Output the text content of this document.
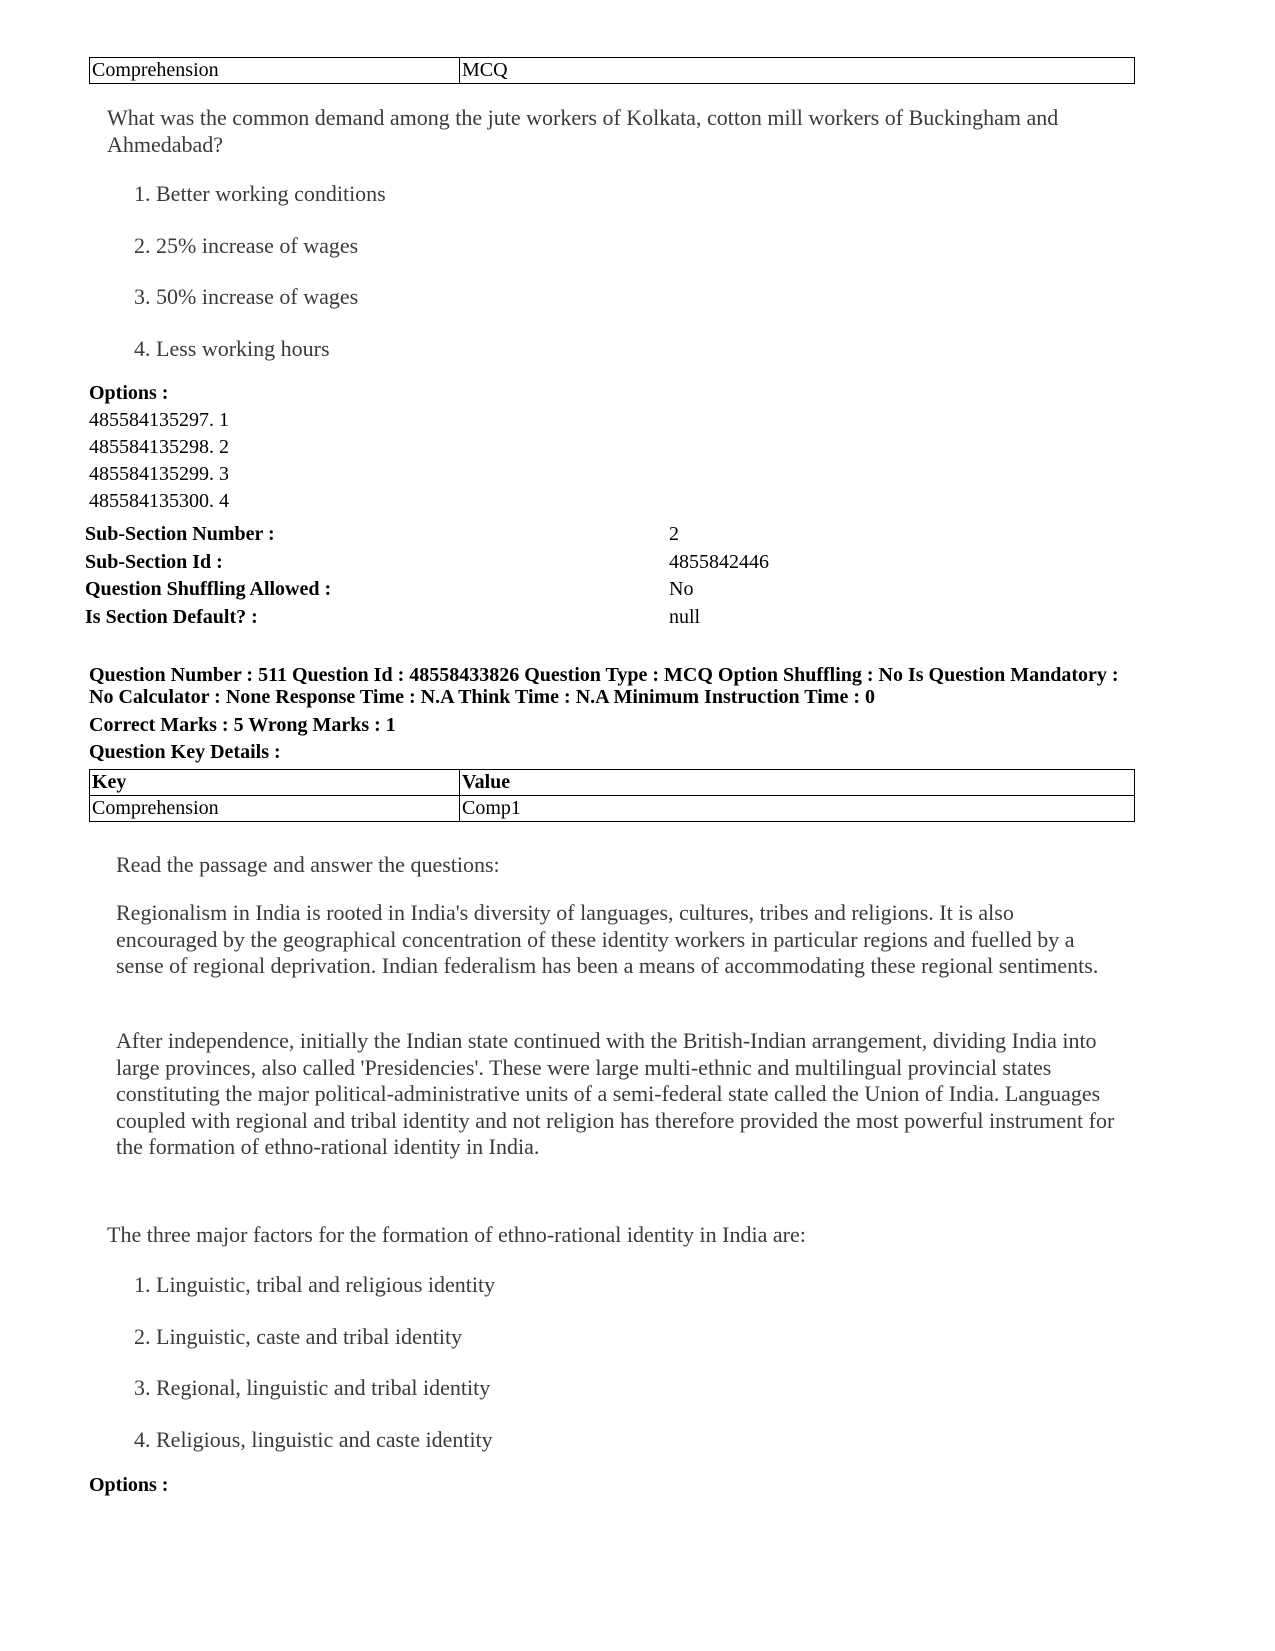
Comprehension	MCQ
What was the common demand among the jute workers of Kolkata, cotton mill workers of Buckingham and Ahmedabad?
1. Better working conditions
2. 25% increase of wages
3. 50% increase of wages
4. Less working hours
Options :
485584135297. 1
485584135298. 2
485584135299. 3
485584135300. 4
Sub-Section Number :	2
Sub-Section Id :	4855842446
Question Shuffling Allowed :	No
Is Section Default? :	null
Question Number : 511 Question Id : 48558433826 Question Type : MCQ Option Shuffling : No Is Question Mandatory :
No Calculator : None Response Time : N.A Think Time : N.A Minimum Instruction Time : 0
Correct Marks : 5 Wrong Marks : 1
Question Key Details :
Key	Value
Comprehension	Comp1
Read the passage and answer the questions:
Regionalism in India is rooted in India's diversity of languages, cultures, tribes and religions. It is also encouraged by the geographical concentration of these identity workers in particular regions and fuelled by a sense of regional deprivation. Indian federalism has been a means of accommodating these regional sentiments.
After independence, initially the Indian state continued with the British-Indian arrangement, dividing India into large provinces, also called 'Presidencies'. These were large multi-ethnic and multilingual provincial states constituting the major political-administrative units of a semi-federal state called the Union of India. Languages coupled with regional and tribal identity and not religion has therefore provided the most powerful instrument for the formation of ethno-rational identity in India.
The three major factors for the formation of ethno-rational identity in India are:
1. Linguistic, tribal and religious identity
2. Linguistic, caste and tribal identity
3. Regional, linguistic and tribal identity
4. Religious, linguistic and caste identity
Options :
